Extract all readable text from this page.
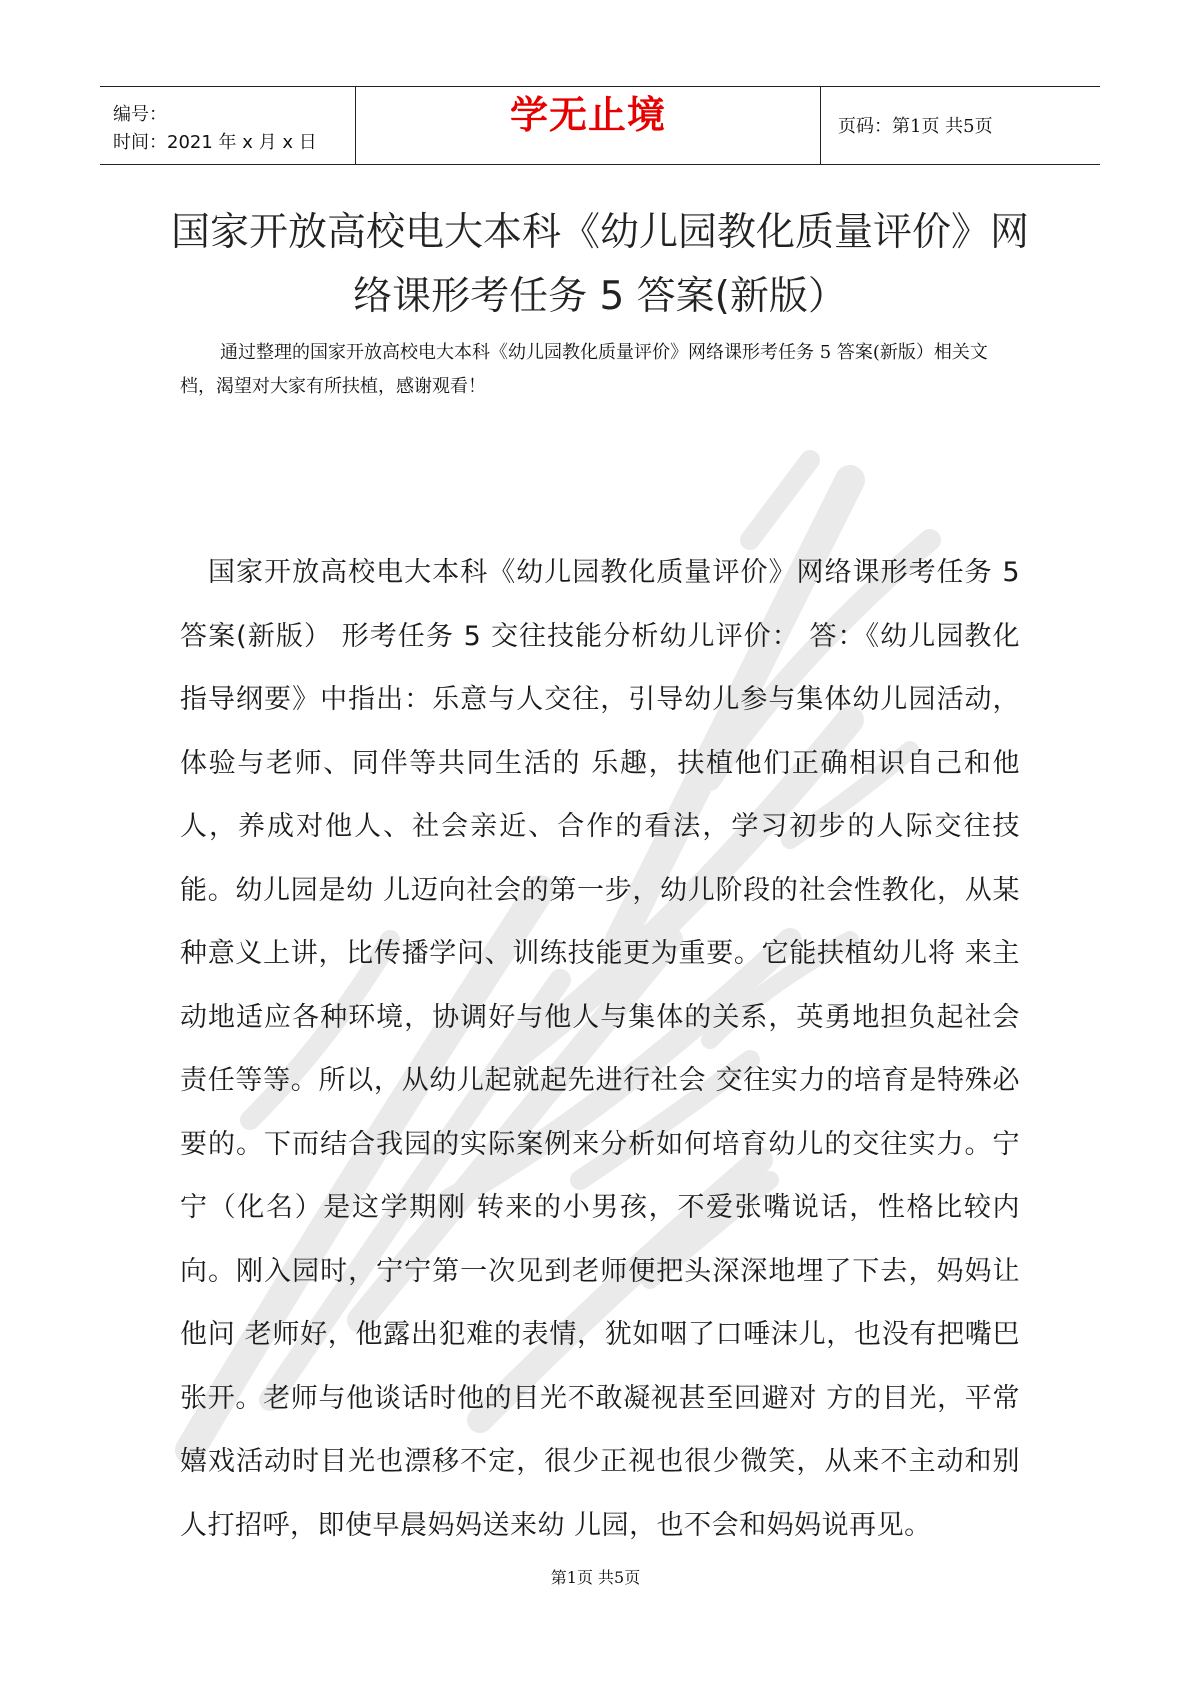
编号：
时间：2021 年 x 月 x 日
学无止境	页码：第1页 共5页
国家开放高校电大本科《幼儿园教化质量评价》网络课形考任务 5 答案(新版）

通过整理的国家开放高校电大本科《幼儿园教化质量评价》网络课形考任务 5 答案(新版）相关文档，渴望对大家有所扶植，感谢观看！

国家开放高校电大本科《幼儿园教化质量评价》网络课形考任务 5 答案(新版） 形考任务 5 交往技能分析幼儿评价： 答：《幼儿园教化指导纲要》中指出：乐意与人交往，引导幼儿参与集体幼儿园活动，体验与老师、同伴等共同生活的 乐趣，扶植他们正确相识自己和他人，养成对他人、社会亲近、合作的看法，学习初步的人际交往技能。幼儿园是幼 儿迈向社会的第一步，幼儿阶段的社会性教化，从某种意义上讲，比传播学问、训练技能更为重要。它能扶植幼儿将 来主动地适应各种环境，协调好与他人与集体的关系，英勇地担负起社会责任等等。所以，从幼儿起就起先进行社会 交往实力的培育是特殊必要的。下而结合我园的实际案例来分析如何培育幼儿的交往实力。宁宁（化名）是这学期刚 转来的小男孩，不爱张嘴说话，性格比较内向。刚入园时，宁宁第一次见到老师便把头深深地埋了下去，妈妈让他问 老师好，他露出犯难的表情，犹如咽了口唾沫儿，也没有把嘴巴张开。老师与他谈话时他的目光不敢凝视甚至回避对 方的目光，平常嬉戏活动时目光也漂移不定，很少正视也很少微笑，从来不主动和别人打招呼，即使早晨妈妈送来幼 儿园，也不会和妈妈说再见。
第1页 共5页
